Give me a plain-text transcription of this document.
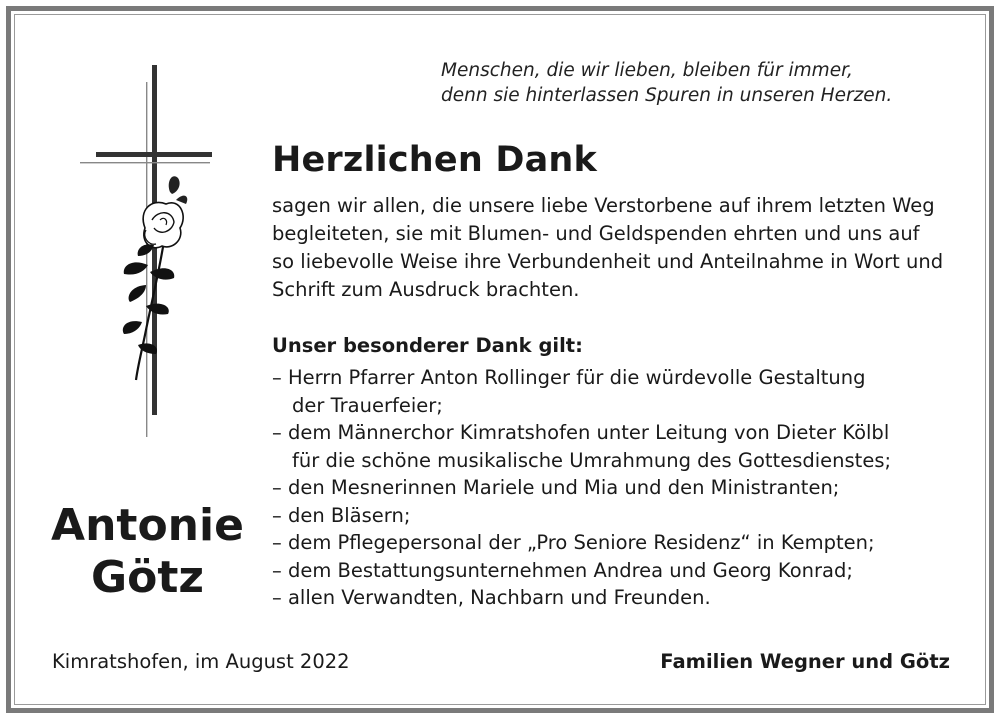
Menschen, die wir lieben, bleiben für immer,
denn sie hinterlassen Spuren in unseren Herzen.
Herzlichen Dank
sagen wir allen, die unsere liebe Verstorbene auf ihrem letzten Weg
begleiteten, sie mit Blumen- und Geldspenden ehrten und uns auf
so liebevolle Weise ihre Verbundenheit und Anteilnahme in Wort und
Schrift zum Ausdruck brachten.
Unser besonderer Dank gilt:
– Herrn Pfarrer Anton Rollinger für die würdevolle Gestaltung
der Trauerfeier;
– dem Männerchor Kimratshofen unter Leitung von Dieter Kölbl
für die schöne musikalische Umrahmung des Gottesdienstes;
– den Mesnerinnen Mariele und Mia und den Ministranten;
– den Bläsern;
– dem Pflegepersonal der „Pro Seniore Residenz“ in Kempten;
– dem Bestattungsunternehmen Andrea und Georg Konrad;
– allen Verwandten, Nachbarn und Freunden.
Antonie
Götz
Kimratshofen, im August 2022	Familien Wegner und Götz
